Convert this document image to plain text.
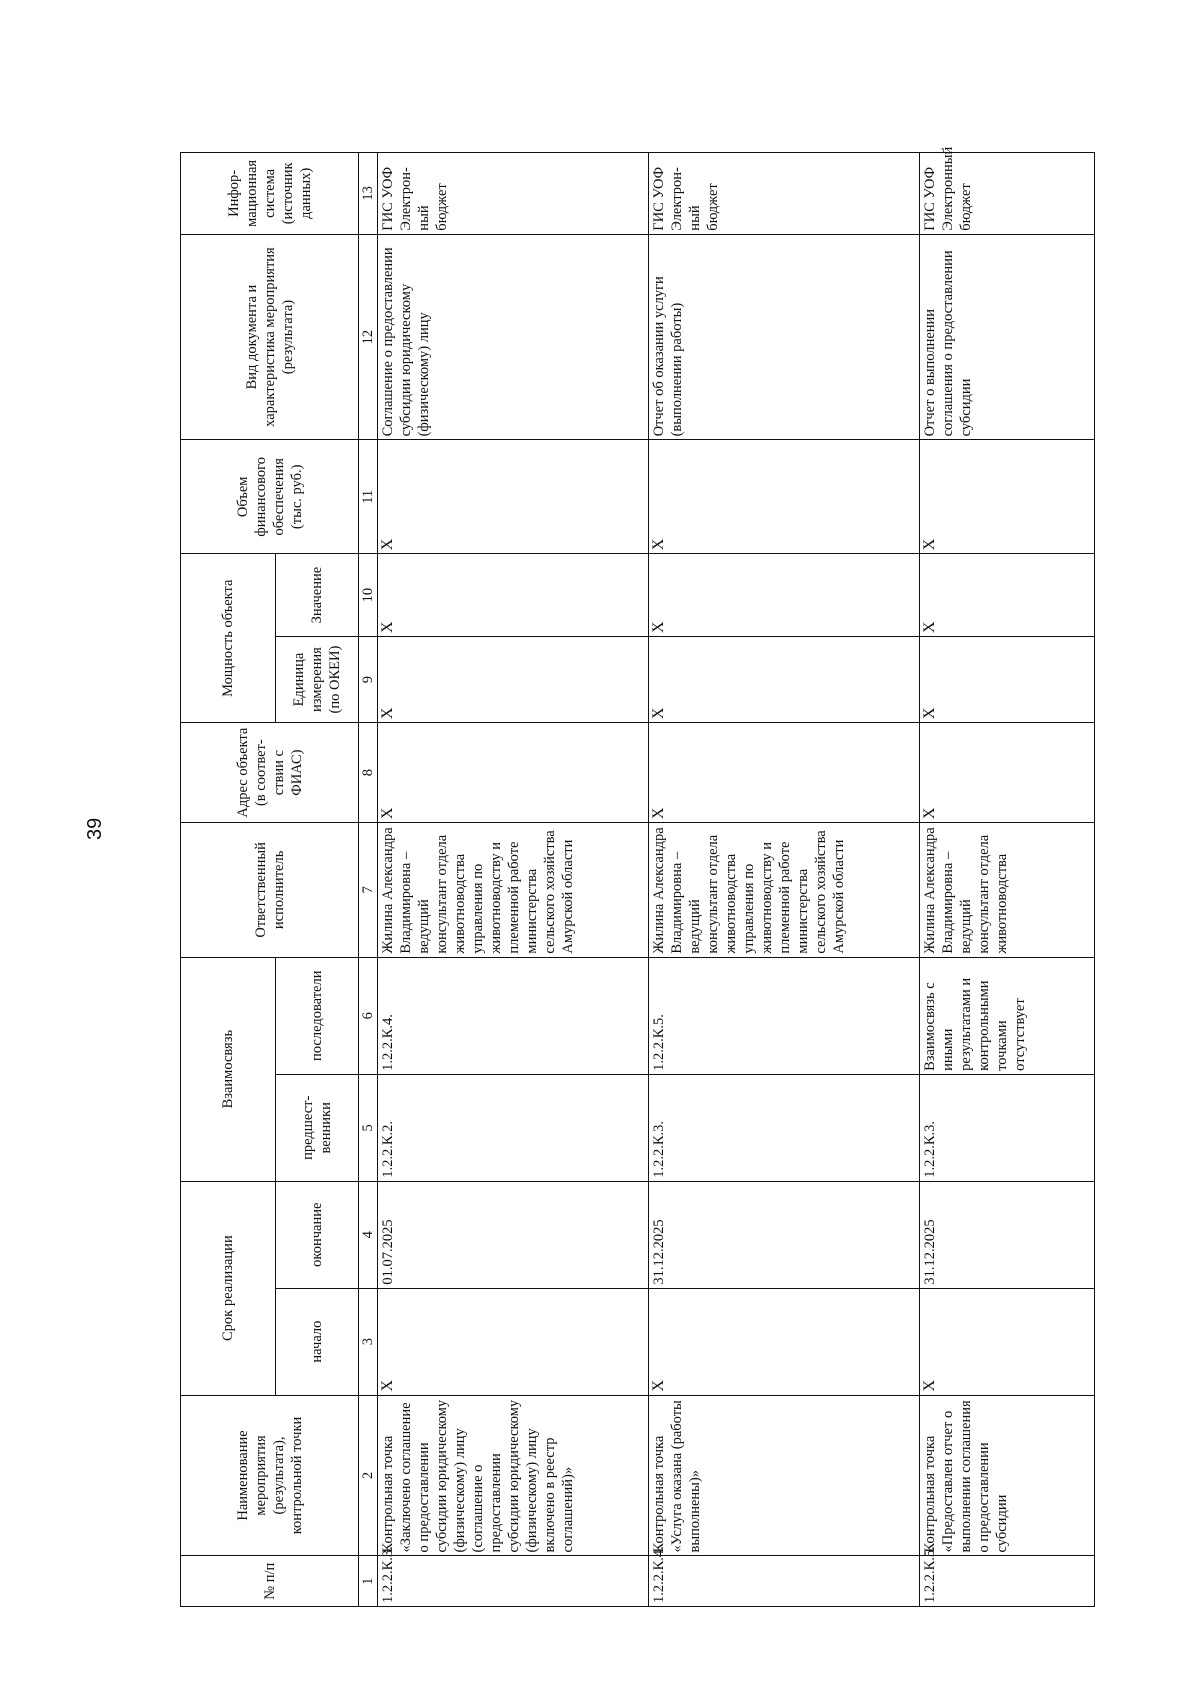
39
№ п/п	Наименование мероприятия (результата), контрольной точки	Срок реализации		Взаимосвязь		Ответственный исполнитель	Адрес объекта (в соответ-ствии с ФИАС)	Мощность объекта		Объем финансового обеспечения (тыс. руб.)	Вид документа и характеристика мероприятия (результата)	Инфор-мационная система (источник данных)
		начало	окончание	предшест-венники	последователи			Единица измерения (по ОКЕИ)	Значение			
1	2	3	4	5	6	7	8	9	10	11	12	13
1.2.2.К.3.	Контрольная точка «Заключено соглашение о предоставлении субсидии юридическому (физическому) лицу (соглашение о предоставлении субсидии юридическому (физическому) лицу включено в реестр соглашений)»	X	01.07.2025	1.2.2.К.2.	1.2.2.К.4.	Жилина Александра Владимировна – ведущий консультант отдела животноводства управления по животноводству и племенной работе министерства сельского хозяйства Амурской области	X	X	X	X	Соглашение о предоставлении субсидии юридическому (физическому) лицу	ГИС УОФ Электрон-ный бюджет
1.2.2.К.4.	Контрольная точка «Услуга оказана (работы выполнены)»	X	31.12.2025	1.2.2.К.3.	1.2.2.К.5.	Жилина Александра Владимировна – ведущий консультант отдела животноводства управления по животноводству и племенной работе министерства сельского хозяйства Амурской области	X	X	X	X	Отчет об оказании услуги (выполнении работы)	ГИС УОФ Электрон-ный бюджет
1.2.2.К.5.	Контрольная точка «Предоставлен отчет о выполнении соглашения о предоставлении субсидии	X	31.12.2025	1.2.2.К.3.	Взаимосвязь с иными результатами и контрольными точками отсутствует	Жилина Александра Владимировна – ведущий консультант отдела животноводства	X	X	X	X	Отчет о выполнении соглашения о предоставлении субсидии	ГИС УОФ Электронный бюджет
